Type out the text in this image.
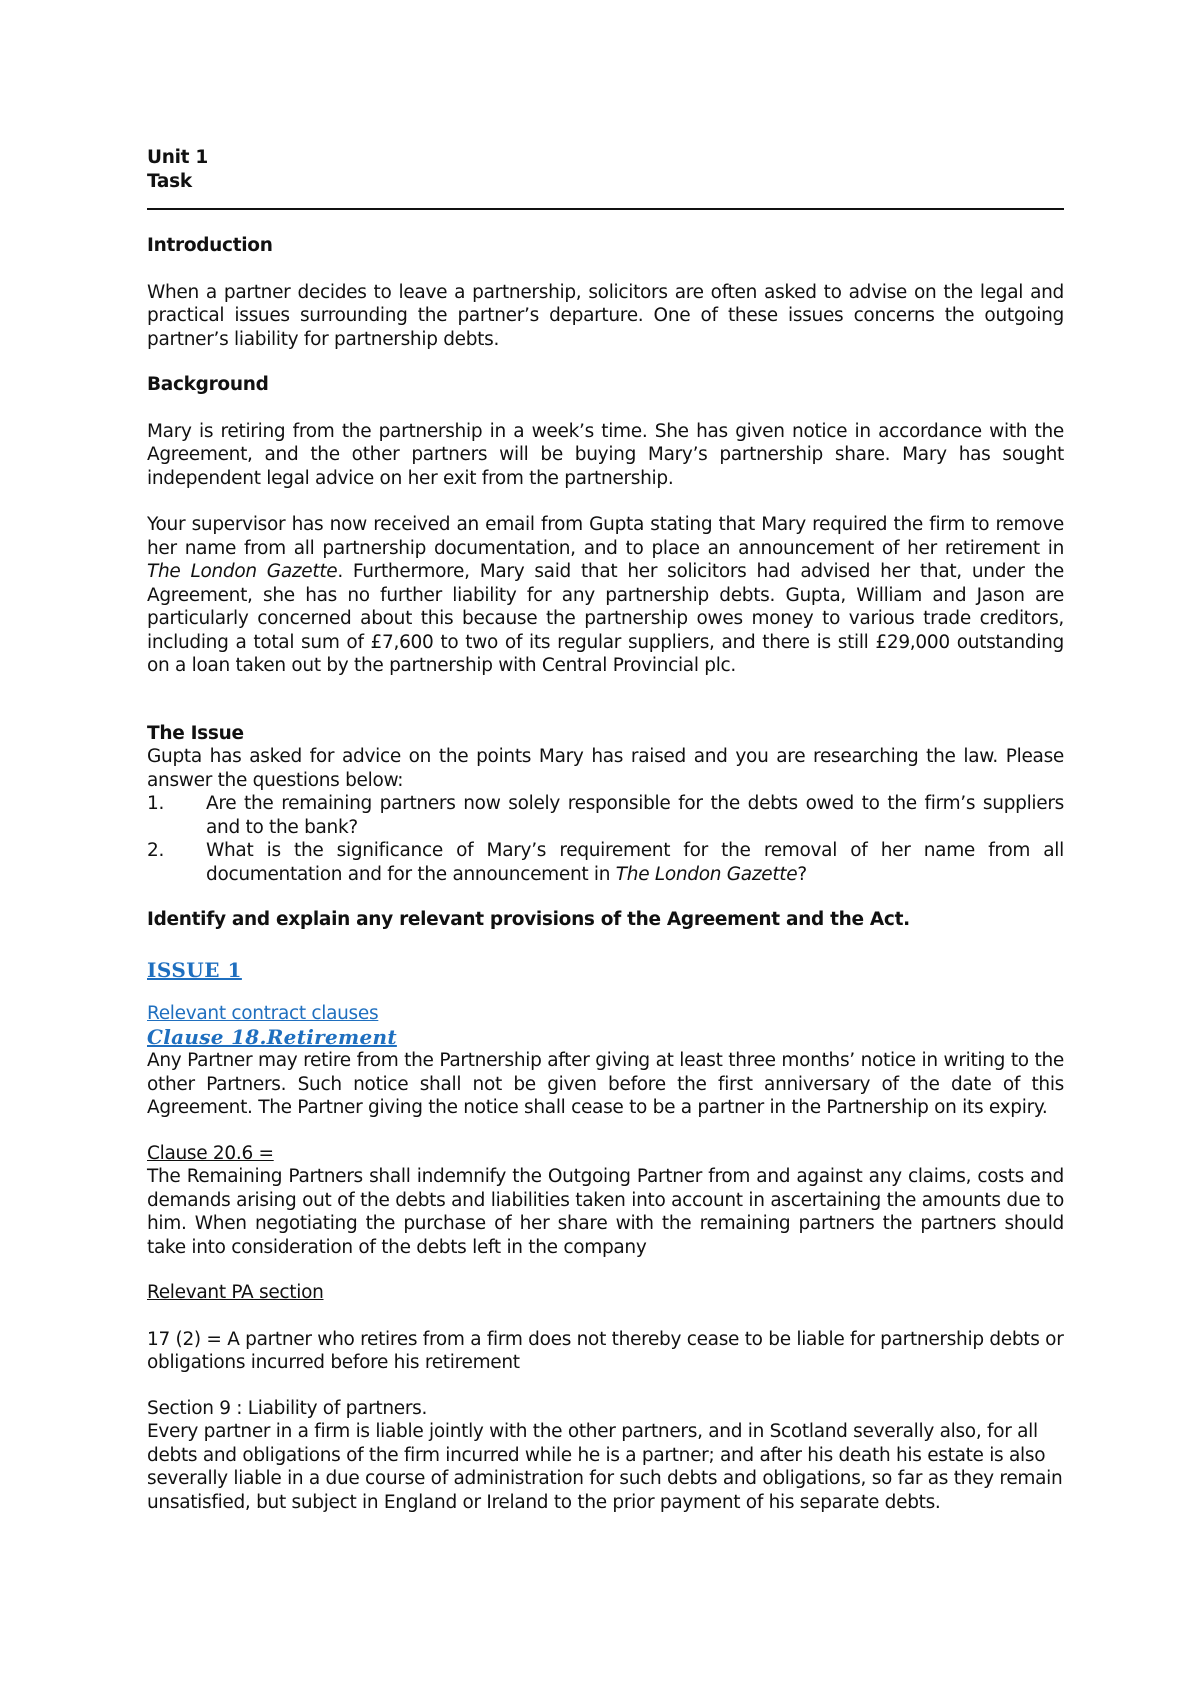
Unit 1

Task

Introduction

When a partner decides to leave a partnership, solicitors are often asked to advise on the legal and practical issues surrounding the partner’s departure. One of these issues concerns the outgoing partner’s liability for partnership debts.

Background

Mary is retiring from the partnership in a week’s time. She has given notice in accordance with the Agreement, and the other partners will be buying Mary’s partnership share. Mary has sought independent legal advice on her exit from the partnership.

Your supervisor has now received an email from Gupta stating that Mary required the firm to remove her name from all partnership documentation, and to place an announcement of her retirement in The London Gazette. Furthermore, Mary said that her solicitors had advised her that, under the Agreement, she has no further liability for any partnership debts. Gupta, William and Jason are particularly concerned about this because the partnership owes money to various trade creditors, including a total sum of £7,600 to two of its regular suppliers, and there is still £29,000 outstanding on a loan taken out by the partnership with Central Provincial plc.

The Issue

Gupta has asked for advice on the points Mary has raised and you are researching the law. Please answer the questions below:

1. Are the remaining partners now solely responsible for the debts owed to the firm’s suppliers and to the bank?
2. What is the significance of Mary’s requirement for the removal of her name from all documentation and for the announcement in The London Gazette?

Identify and explain any relevant provisions of the Agreement and the Act.

ISSUE 1

Relevant contract clauses

Clause 18.Retirement

Any Partner may retire from the Partnership after giving at least three months’ notice in writing to the other Partners. Such notice shall not be given before the first anniversary of the date of this Agreement. The Partner giving the notice shall cease to be a partner in the Partnership on its expiry.

Clause 20.6 =

The Remaining Partners shall indemnify the Outgoing Partner from and against any claims, costs and demands arising out of the debts and liabilities taken into account in ascertaining the amounts due to him. When negotiating the purchase of her share with the remaining partners the partners should take into consideration of the debts left in the company

Relevant PA section

17 (2) = A partner who retires from a firm does not thereby cease to be liable for partnership debts or obligations incurred before his retirement

Section 9 : Liability of partners.

Every partner in a firm is liable jointly with the other partners, and in Scotland severally also, for all debts and obligations of the firm incurred while he is a partner; and after his death his estate is also severally liable in a due course of administration for such debts and obligations, so far as they remain unsatisfied, but subject in England or Ireland to the prior payment of his separate debts.
